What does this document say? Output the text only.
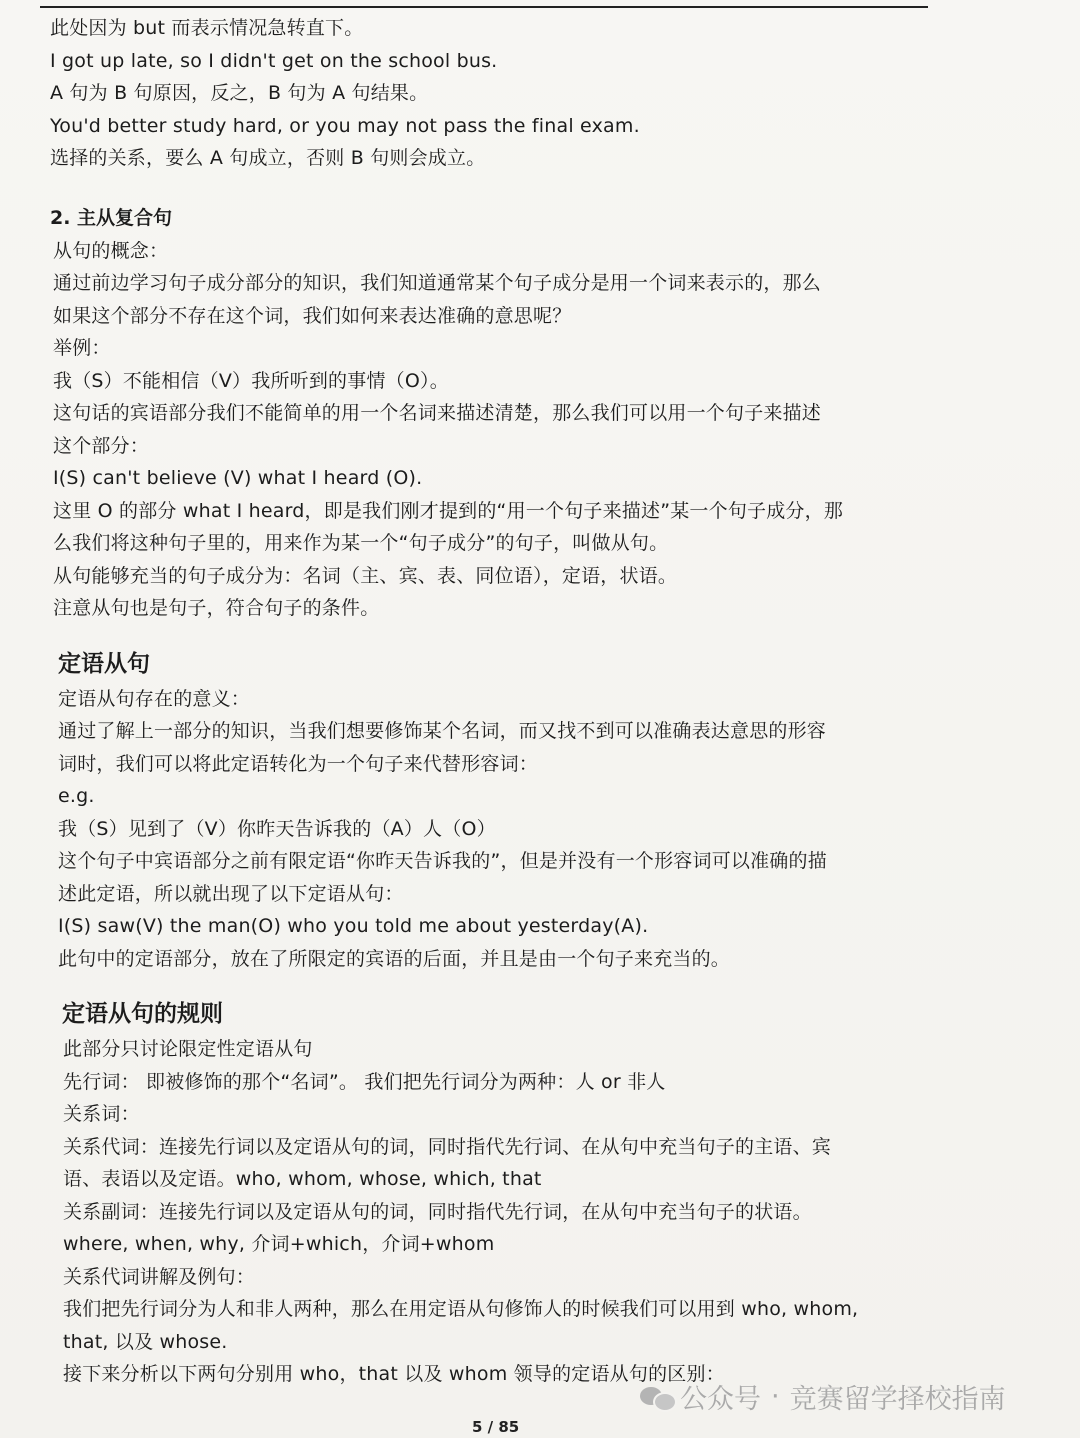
此处因为 but 而表示情况急转直下。
I got up late, so I didn't get on the school bus.
A 句为 B 句原因，反之，B 句为 A 句结果。
You'd better study hard, or you may not pass the final exam.
选择的关系，要么 A 句成立，否则 B 句则会成立。
2. 主从复合句
从句的概念：
通过前边学习句子成分部分的知识，我们知道通常某个句子成分是用一个词来表示的，那么
如果这个部分不存在这个词，我们如何来表达准确的意思呢？
举例：
我（S）不能相信（V）我所听到的事情（O）。
这句话的宾语部分我们不能简单的用一个名词来描述清楚，那么我们可以用一个句子来描述
这个部分：
I(S) can't believe (V) what I heard (O).
这里 O 的部分 what I heard，即是我们刚才提到的“用一个句子来描述”某一个句子成分，那
么我们将这种句子里的，用来作为某一个“句子成分”的句子，叫做从句。
从句能够充当的句子成分为：名词（主、宾、表、同位语），定语，状语。
注意从句也是句子，符合句子的条件。
定语从句
定语从句存在的意义：
通过了解上一部分的知识，当我们想要修饰某个名词，而又找不到可以准确表达意思的形容
词时，我们可以将此定语转化为一个句子来代替形容词：
e.g.
我（S）见到了（V）你昨天告诉我的（A）人（O）
这个句子中宾语部分之前有限定语“你昨天告诉我的”，但是并没有一个形容词可以准确的描
述此定语，所以就出现了以下定语从句：
I(S) saw(V) the man(O) who you told me about yesterday(A).
此句中的定语部分，放在了所限定的宾语的后面，并且是由一个句子来充当的。
定语从句的规则
此部分只讨论限定性定语从句
先行词： 即被修饰的那个“名词”。 我们把先行词分为两种：人 or 非人
关系词：
关系代词：连接先行词以及定语从句的词，同时指代先行词、在从句中充当句子的主语、宾
语、表语以及定语。who, whom, whose, which, that
关系副词：连接先行词以及定语从句的词，同时指代先行词，在从句中充当句子的状语。
where, when, why, 介词+which，介词+whom
关系代词讲解及例句：
我们把先行词分为人和非人两种，那么在用定语从句修饰人的时候我们可以用到 who, whom,
that, 以及 whose.
接下来分析以下两句分别用 who，that 以及 whom 领导的定语从句的区别：
公众号 · 竞赛留学择校指南
5 / 85
